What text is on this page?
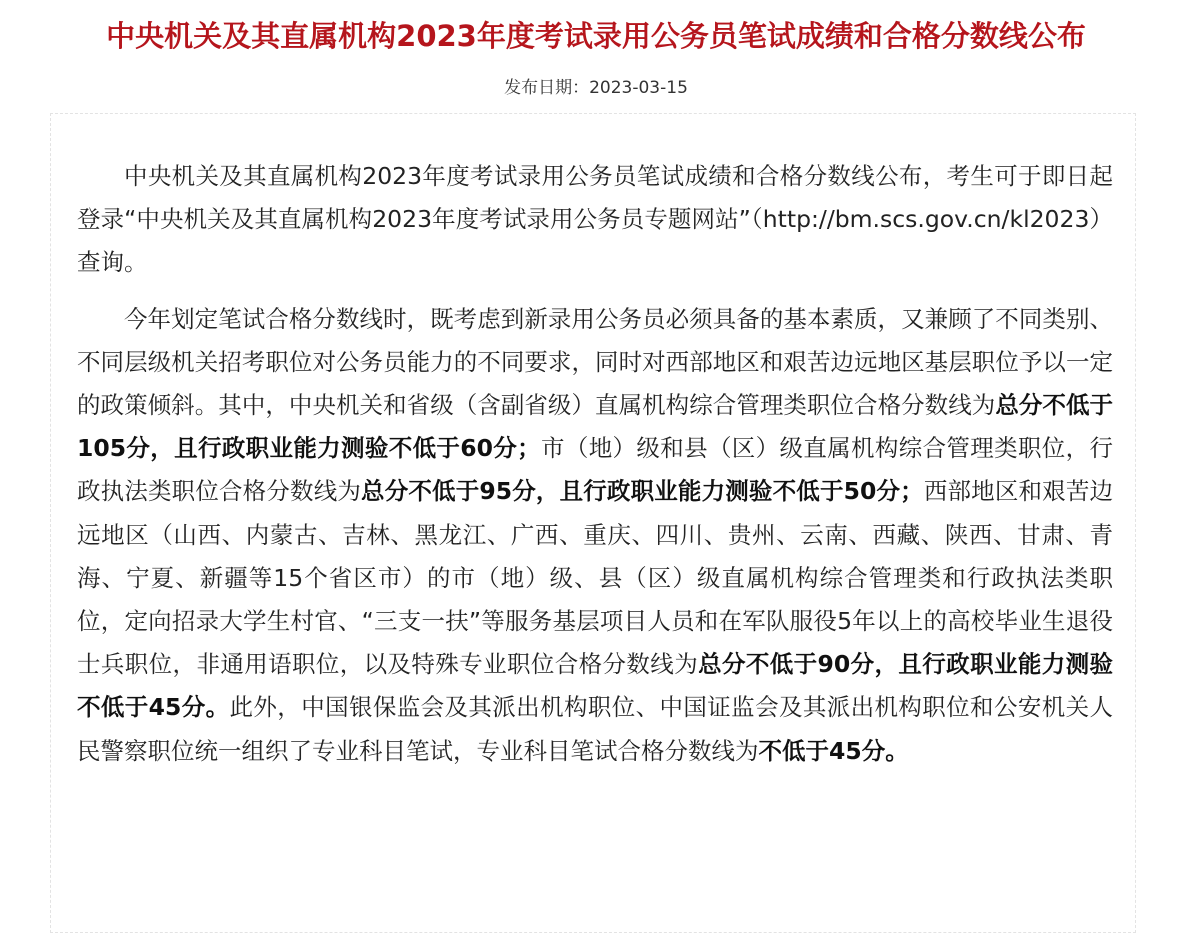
中央机关及其直属机构2023年度考试录用公务员笔试成绩和合格分数线公布
发布日期：2023-03-15

中央机关及其直属机构2023年度考试录用公务员笔试成绩和合格分数线公布，考生可于即日起登录“中央机关及其直属机构2023年度考试录用公务员专题网站”（http://bm.scs.gov.cn/kl2023）查询。

今年划定笔试合格分数线时，既考虑到新录用公务员必须具备的基本素质，又兼顾了不同类别、不同层级机关招考职位对公务员能力的不同要求，同时对西部地区和艰苦边远地区基层职位予以一定的政策倾斜。其中，中央机关和省级（含副省级）直属机构综合管理类职位合格分数线为总分不低于105分，且行政职业能力测验不低于60分；市（地）级和县（区）级直属机构综合管理类职位，行政执法类职位合格分数线为总分不低于95分，且行政职业能力测验不低于50分；西部地区和艰苦边远地区（山西、内蒙古、吉林、黑龙江、广西、重庆、四川、贵州、云南、西藏、陕西、甘肃、青海、宁夏、新疆等15个省区市）的市（地）级、县（区）级直属机构综合管理类和行政执法类职位，定向招录大学生村官、“三支一扶”等服务基层项目人员和在军队服役5年以上的高校毕业生退役士兵职位，非通用语职位，以及特殊专业职位合格分数线为总分不低于90分，且行政职业能力测验不低于45分。此外，中国银保监会及其派出机构职位、中国证监会及其派出机构职位和公安机关人民警察职位统一组织了专业科目笔试，专业科目笔试合格分数线为不低于45分。
